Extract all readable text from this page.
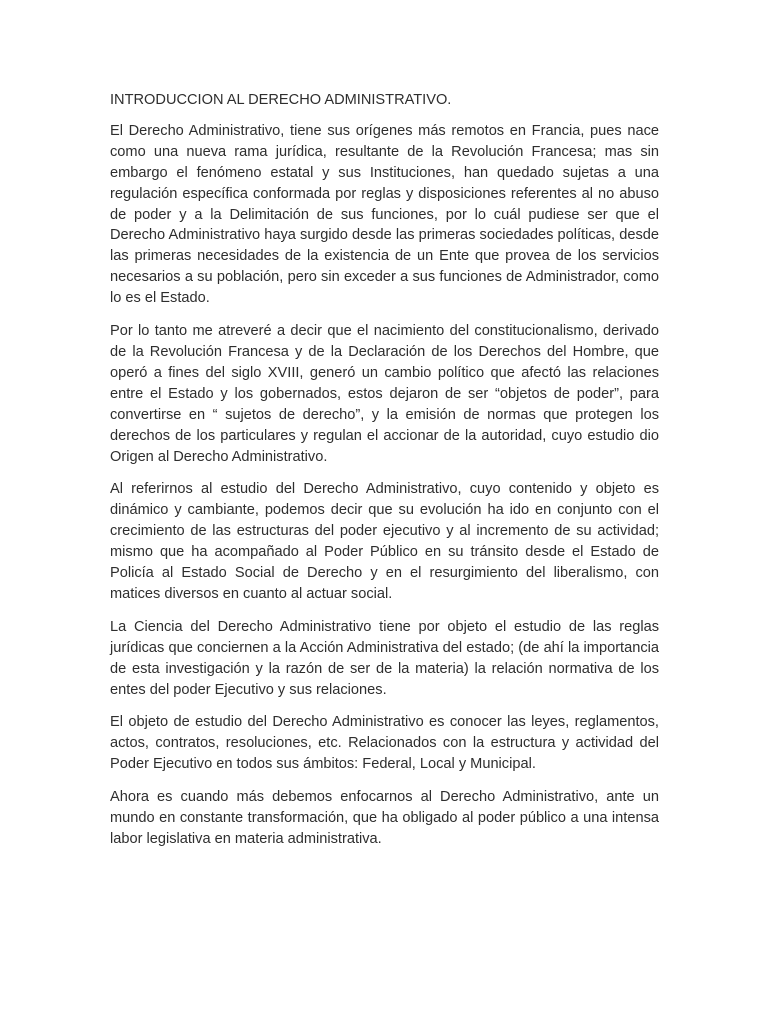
INTRODUCCION AL DERECHO ADMINISTRATIVO.

El Derecho Administrativo, tiene sus orígenes más remotos en Francia, pues nace como una nueva rama jurídica, resultante de la Revolución Francesa; mas sin embargo el fenómeno estatal y sus Instituciones, han quedado sujetas a una regulación específica conformada por reglas y disposiciones referentes al no abuso de poder y a la Delimitación de sus funciones, por lo cuál pudiese ser que el Derecho Administrativo haya surgido desde las primeras sociedades políticas, desde las primeras necesidades de la existencia de un Ente que provea de los servicios necesarios a su población, pero sin exceder a sus funciones de Administrador, como lo es el Estado.

Por lo tanto me atreveré a decir que el nacimiento del constitucionalismo, derivado de la Revolución Francesa y de la Declaración de los Derechos del Hombre, que operó a fines del siglo XVIII, generó un cambio político que afectó las relaciones entre el Estado y los gobernados, estos dejaron de ser “objetos de poder”, para convertirse en “ sujetos de derecho”, y la emisión de normas que protegen los derechos de los particulares y regulan el accionar de la autoridad, cuyo estudio dio Origen al Derecho Administrativo.

Al referirnos al estudio del Derecho Administrativo, cuyo contenido y objeto es dinámico y cambiante, podemos decir que su evolución ha ido en conjunto con el crecimiento de las estructuras del poder ejecutivo y al incremento de su actividad; mismo que ha acompañado al Poder Público en su tránsito desde el Estado de Policía al Estado Social de Derecho y en el resurgimiento del liberalismo, con matices diversos en cuanto al actuar social.

La Ciencia del Derecho Administrativo tiene por objeto el estudio de las reglas jurídicas que conciernen a la Acción Administrativa del estado; (de ahí la importancia de esta investigación y la razón de ser de la materia) la relación normativa de los entes del poder Ejecutivo y sus relaciones.

El objeto de estudio del Derecho Administrativo es conocer las leyes, reglamentos, actos, contratos, resoluciones, etc. Relacionados con la estructura y actividad del Poder Ejecutivo en todos sus ámbitos: Federal, Local y Municipal.

Ahora es cuando más debemos enfocarnos al Derecho Administrativo, ante un mundo en constante transformación, que ha obligado al poder público a una intensa labor legislativa en materia administrativa.
